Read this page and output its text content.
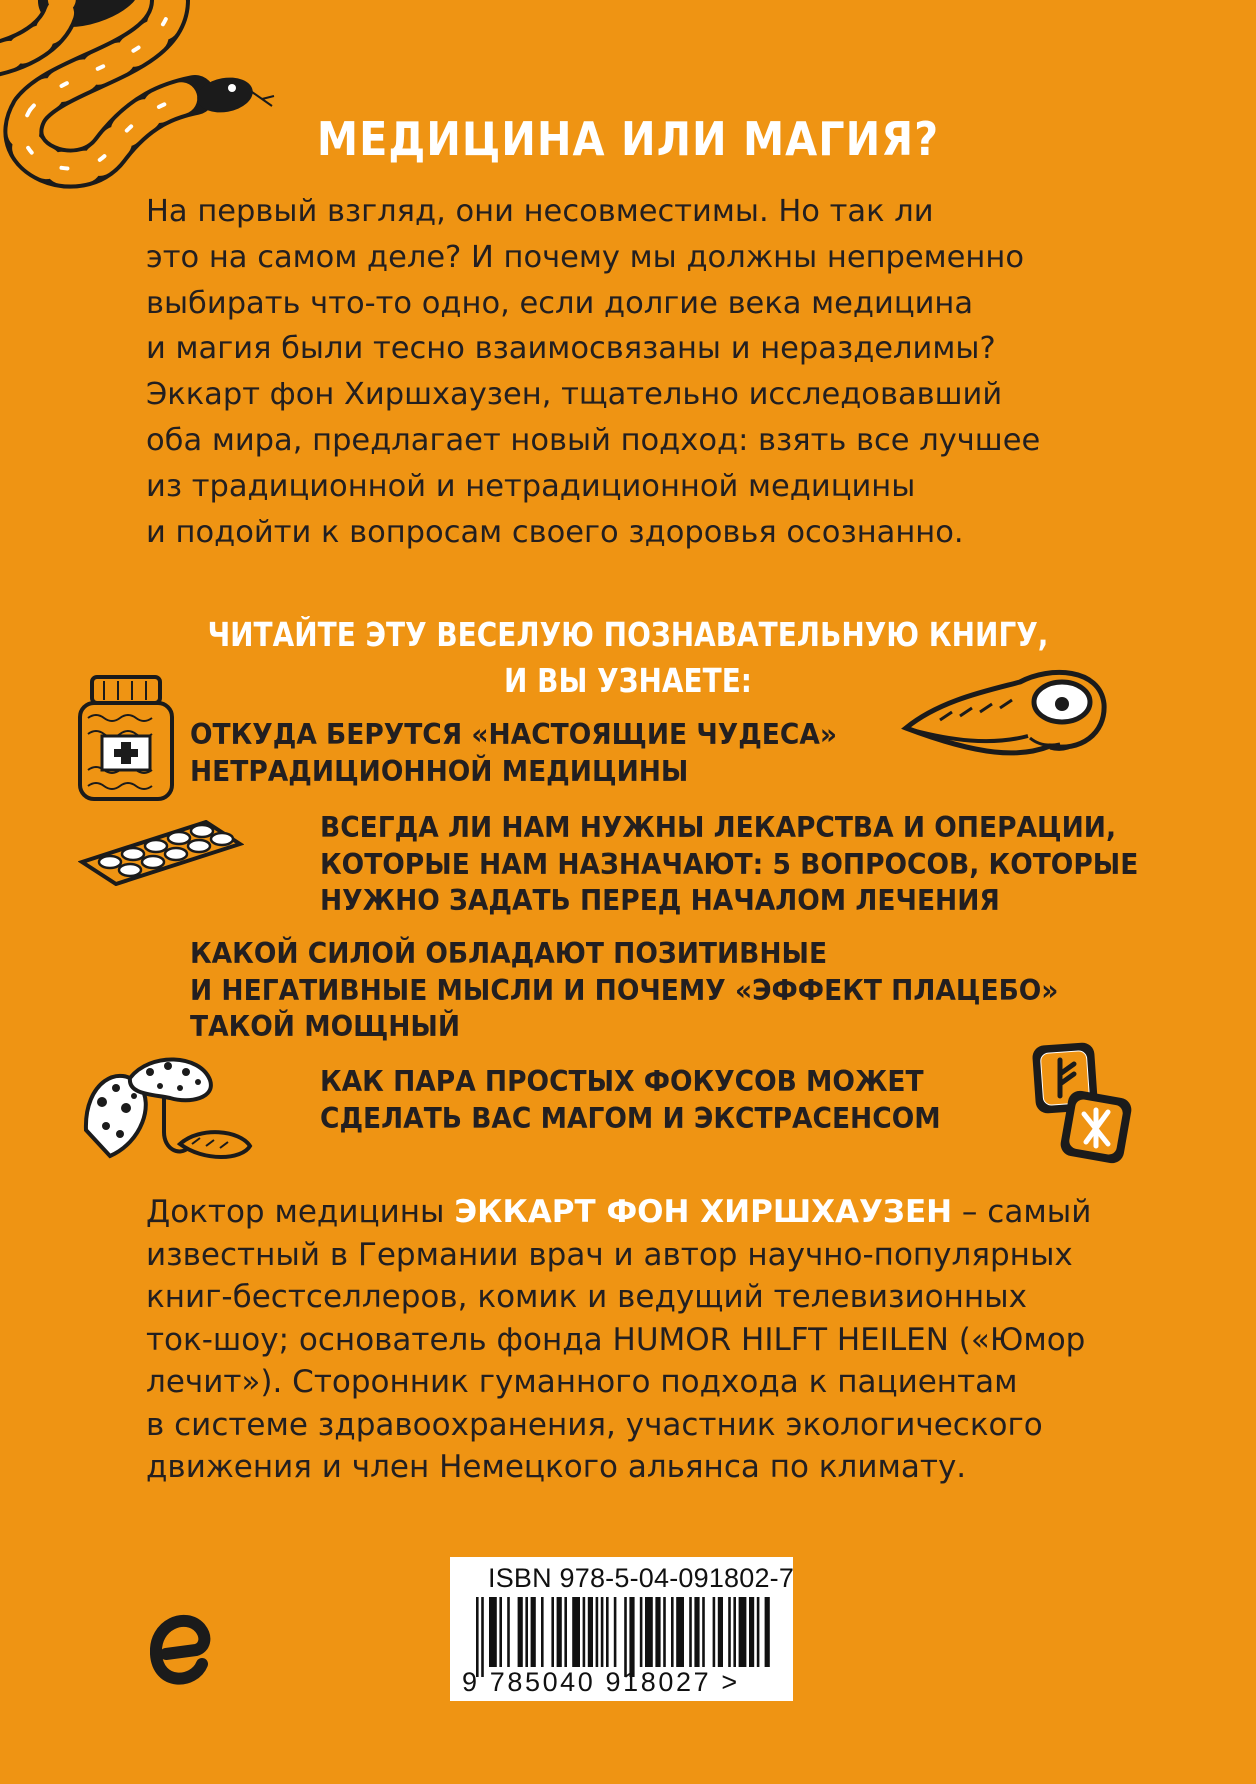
МЕДИЦИНА ИЛИ МАГИЯ?
На первый взгляд, они несовместимы. Но так ли
это на самом деле? И почему мы должны непременно
выбирать что-то одно, если долгие века медицина
и магия были тесно взаимосвязаны и неразделимы?
Эккарт фон Хиршхаузен, тщательно исследовавший
оба мира, предлагает новый подход: взять все лучшее
из традиционной и нетрадиционной медицины
и подойти к вопросам своего здоровья осознанно.
ЧИТАЙТЕ ЭТУ ВЕСЕЛУЮ ПОЗНАВАТЕЛЬНУЮ КНИГУ,
И ВЫ УЗНАЕТЕ:
ОТКУДА БЕРУТСЯ «НАСТОЯЩИЕ ЧУДЕСА»
НЕТРАДИЦИОННОЙ МЕДИЦИНЫ
ВСЕГДА ЛИ НАМ НУЖНЫ ЛЕКАРСТВА И ОПЕРАЦИИ,
КОТОРЫЕ НАМ НАЗНАЧАЮТ: 5 ВОПРОСОВ, КОТОРЫЕ
НУЖНО ЗАДАТЬ ПЕРЕД НАЧАЛОМ ЛЕЧЕНИЯ
КАКОЙ СИЛОЙ ОБЛАДАЮТ ПОЗИТИВНЫЕ
И НЕГАТИВНЫЕ МЫСЛИ И ПОЧЕМУ «ЭФФЕКТ ПЛАЦЕБО»
ТАКОЙ МОЩНЫЙ
КАК ПАРА ПРОСТЫХ ФОКУСОВ МОЖЕТ
СДЕЛАТЬ ВАС МАГОМ И ЭКСТРАСЕНСОМ
Доктор медицины ЭККАРТ ФОН ХИРШХАУЗЕН – самый
известный в Германии врач и автор научно-популярных
книг-бестселлеров, комик и ведущий телевизионных
ток-шоу; основатель фонда HUMOR HILFT HEILEN («Юмор
лечит»). Сторонник гуманного подхода к пациентам
в системе здравоохранения, участник экологического
движения и член Немецкого альянса по климату.
ISBN 978-5-04-091802-7
9 785040 918027 >
